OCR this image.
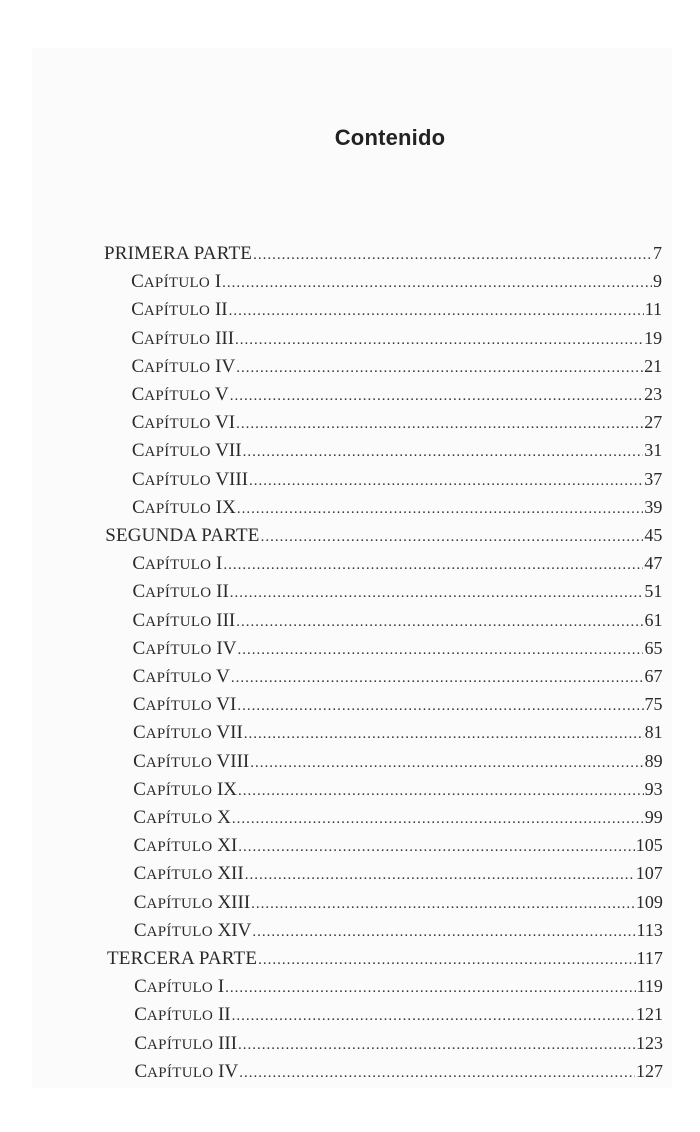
Contenido
PRIMERA PARTE .....	7
CAPÍTULO I .....	9
CAPÍTULO II .....	11
CAPÍTULO III .....	19
CAPÍTULO IV .....	21
CAPÍTULO V .....	23
CAPÍTULO VI .....	27
CAPÍTULO VII .....	31
CAPÍTULO VIII .....	37
CAPÍTULO IX .....	39
SEGUNDA PARTE .....	45
CAPÍTULO I .....	47
CAPÍTULO II .....	51
CAPÍTULO III .....	61
CAPÍTULO IV .....	65
CAPÍTULO V .....	67
CAPÍTULO VI .....	75
CAPÍTULO VII .....	81
CAPÍTULO VIII .....	89
CAPÍTULO IX .....	93
CAPÍTULO X .....	99
CAPÍTULO XI .....	105
CAPÍTULO XII .....	107
CAPÍTULO XIII .....	109
CAPÍTULO XIV .....	113
TERCERA PARTE .....	117
CAPÍTULO I .....	119
CAPÍTULO II .....	121
CAPÍTULO III .....	123
CAPÍTULO IV .....	127
